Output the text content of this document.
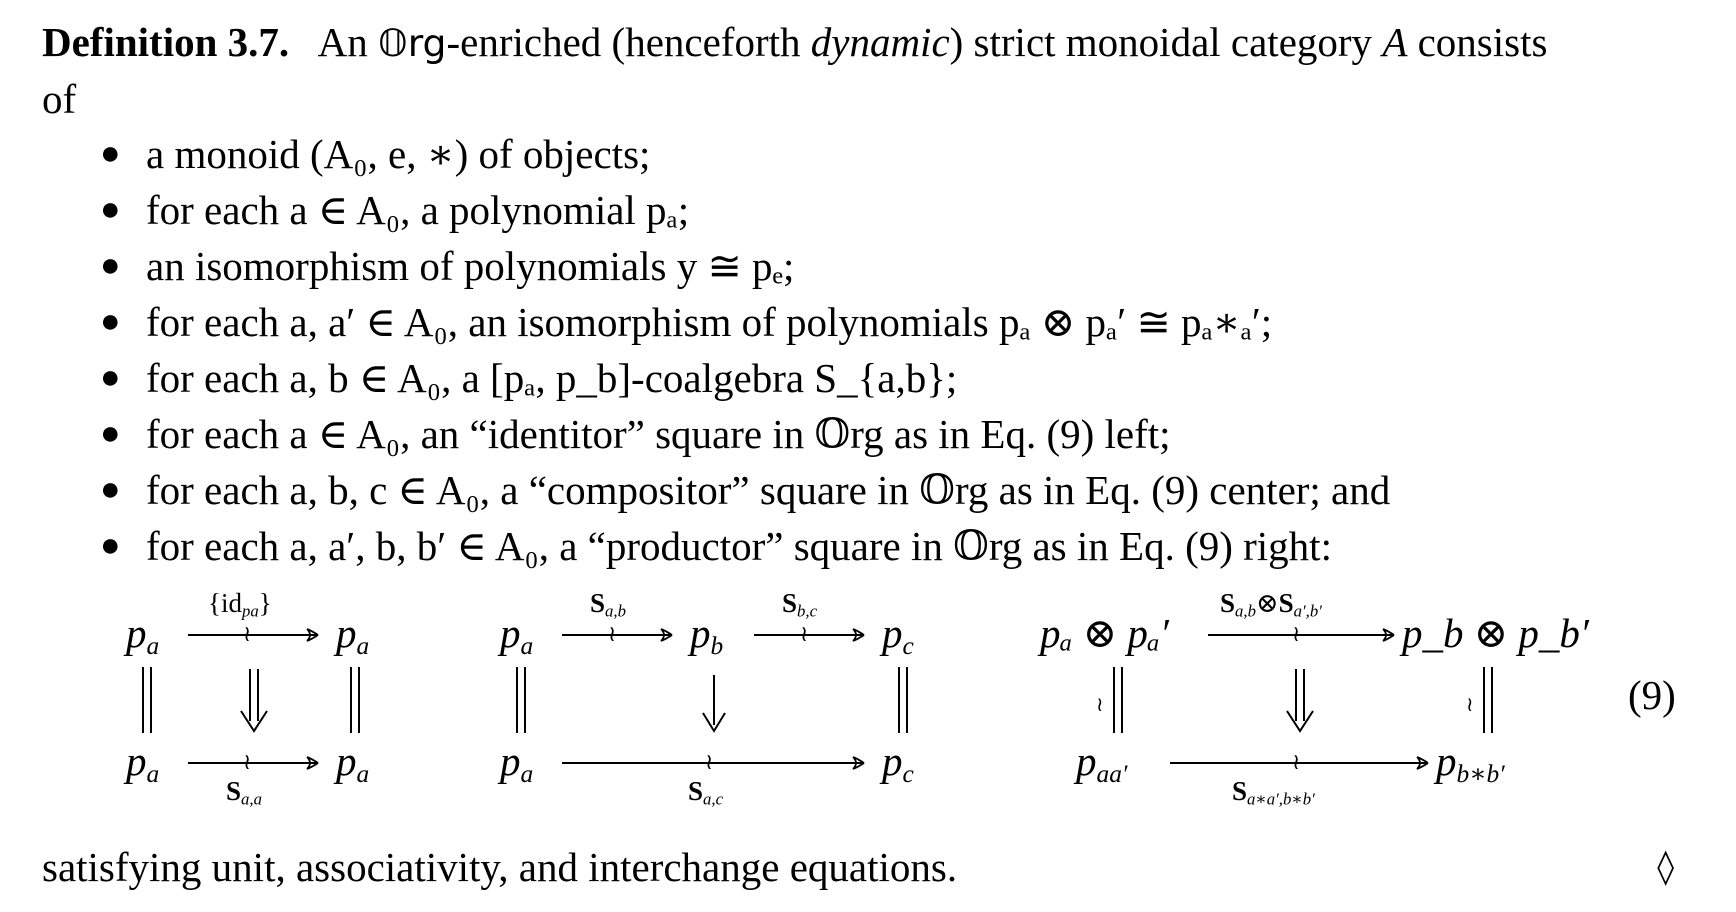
Definition 3.7. An 𝕆rg-enriched (henceforth dynamic) strict monoidal category A consists
of
● a monoid (A₀, e, ∗) of objects;
● for each a ∈ A₀, a polynomial pₐ;
● an isomorphism of polynomials y ≅ pₑ;
● for each a, a′ ∈ A₀, an isomorphism of polynomials pₐ ⊗ pₐ′ ≅ pₐ∗ₐ′;
● for each a, b ∈ A₀, a [pₐ, p_b]-coalgebra S_{a,b};
● for each a ∈ A₀, an “identitor” square in 𝕆rg as in Eq. (9) left;
● for each a, b, c ∈ A₀, a “compositor” square in 𝕆rg as in Eq. (9) center; and
● for each a, a′, b, b′ ∈ A₀, a “productor” square in 𝕆rg as in Eq. (9) right:
≀
≀
≀	≀
≀
≀
≀
≀	≀
$p_a$	$p_a$
$p_a$	$p_a$
$\{id_{pa}\}$
$S_{a,a}$
$p_a$	$p_b$	$p_c$
$p_a$	$p_c$
$S_{a,b}$	$S_{b,c}$
$S_{a,c}$
pₐ ⊗ pₐ′	p_b ⊗ p_b′
$p_{aa'}$	$p_{b∗b'}$
$S_{a,b}\otimes S_{a',b'}$
$S_{a∗a',b∗b'}$
(9)
satisfying unit, associativity, and interchange equations.	◊
